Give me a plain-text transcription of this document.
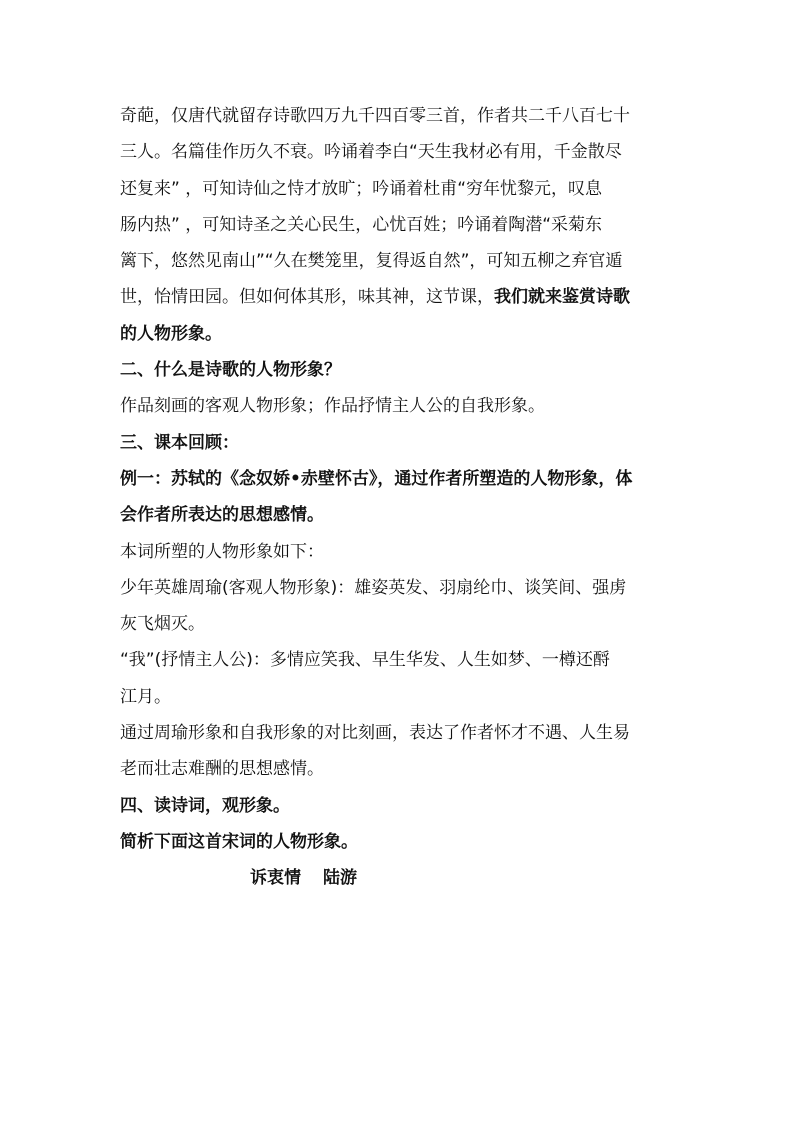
奇葩，仅唐代就留存诗歌四万九千四百零三首，作者共二千八百七十
三人。名篇佳作历久不衰。吟诵着李白“天生我材必有用，千金散尽
还复来” ，可知诗仙之恃才放旷；吟诵着杜甫“穷年忧黎元，叹息
肠内热” ，可知诗圣之关心民生，心忧百姓；吟诵着陶潜“采菊东
篱下，悠然见南山”“久在樊笼里，复得返自然”，可知五柳之弃官遁
世，怡情田园。但如何体其形，味其神，这节课，我们就来鉴赏诗歌
的人物形象。
二、什么是诗歌的人物形象？
作品刻画的客观人物形象；作品抒情主人公的自我形象。
三、课本回顾：
例一：苏轼的《念奴娇•赤壁怀古》，通过作者所塑造的人物形象，体
会作者所表达的思想感情。
本词所塑的人物形象如下：
少年英雄周瑜(客观人物形象)：雄姿英发、羽扇纶巾、谈笑间、强虏
灰飞烟灭。
“我”(抒情主人公)：多情应笑我、早生华发、人生如梦、一樽还酹
江月。
通过周瑜形象和自我形象的对比刻画，表达了作者怀才不遇、人生易
老而壮志难酬的思想感情。
四、读诗词，观形象。
简析下面这首宋词的人物形象。
诉衷情 陆游
